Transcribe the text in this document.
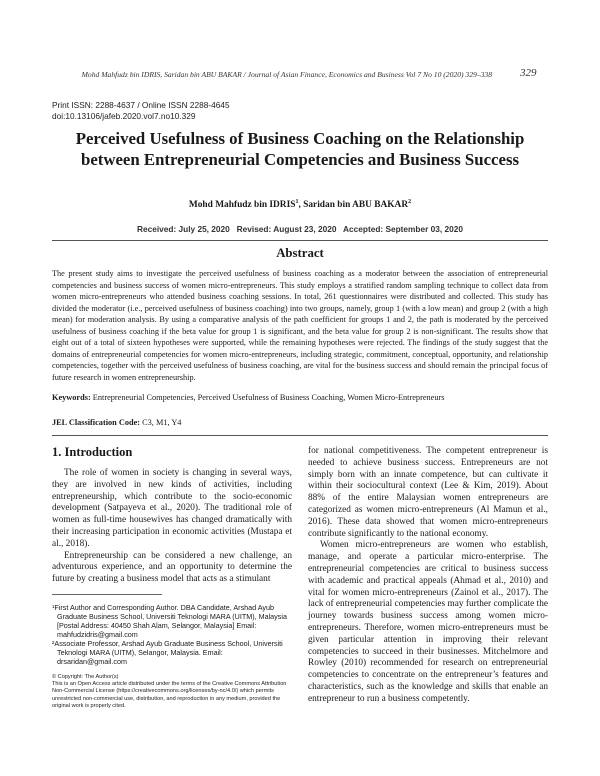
Mohd Mahfudz bin IDRIS, Saridan bin ABU BAKAR / Journal of Asian Finance, Economics and Business Vol 7 No 10 (2020) 329–338	329
Print ISSN: 2288-4637 / Online ISSN 2288-4645
doi:10.13106/jafeb.2020.vol7.no10.329
Perceived Usefulness of Business Coaching on the Relationship
between Entrepreneurial Competencies and Business Success
Mohd Mahfudz bin IDRIS$^1$, Saridan bin ABU BAKAR$^2$
Received: July 25, 2020   Revised: August 23, 2020   Accepted: September 03, 2020
Abstract
The present study aims to investigate the perceived usefulness of business coaching as a moderator between the association of entrepreneurial competencies and business success of women micro-entrepreneurs. This study employs a stratified random sampling technique to collect data from women micro-entrepreneurs who attended business coaching sessions. In total, 261 questionnaires were distributed and collected. This study has divided the moderator (i.e., perceived usefulness of business coaching) into two groups, namely, group 1 (with a low mean) and group 2 (with a high mean) for moderation analysis. By using a comparative analysis of the path coefficient for groups 1 and 2, the path is moderated by the perceived usefulness of business coaching if the beta value for group 1 is significant, and the beta value for group 2 is non-significant. The results show that eight out of a total of sixteen hypotheses were supported, while the remaining hypotheses were rejected. The findings of the study suggest that the domains of entrepreneurial competencies for women micro-entrepreneurs, including strategic, commitment, conceptual, opportunity, and relationship competencies, together with the perceived usefulness of business coaching, are vital for the business success and should remain the principal focus of future research in women entrepreneurship.
Keywords: Entrepreneurial Competencies, Perceived Usefulness of Business Coaching, Women Micro-Entrepreneurs
JEL Classification Code: C3, M1, Y4
1. Introduction

The role of women in society is changing in several ways, they are involved in new kinds of activities, including entrepreneurship, which contribute to the socio-economic development (Satpayeva et al., 2020). The traditional role of women as full-time housewives has changed dramatically with their increasing participation in economic activities (Mustapa et al., 2018).

Entrepreneurship can be considered a new challenge, an adventurous experience, and an opportunity to determine the future by creating a business model that acts as a stimulant

for national competitiveness. The competent entrepreneur is needed to achieve business success. Entrepreneurs are not simply born with an innate competence, but can cultivate it within their sociocultural context (Lee & Kim, 2019). About 88% of the entire Malaysian women entrepreneurs are categorized as women micro-entrepreneurs (Al Mamun et al., 2016). These data showed that women micro-entrepreneurs contribute significantly to the national economy.

Women micro-entrepreneurs are women who establish, manage, and operate a particular micro-enterprise. The entrepreneurial competencies are critical to business success with academic and practical appeals (Ahmad et al., 2010) and vital for women micro-entrepreneurs (Zainol et al., 2017). The lack of entrepreneurial competencies may further complicate the journey towards business success among women micro-entrepreneurs. Therefore, women micro-entrepreneurs must be given particular attention in improving their relevant competencies to succeed in their businesses. Mitchelmore and Rowley (2010) recommended for research on entrepreneurial competencies to concentrate on the entrepreneur’s features and characteristics, such as the knowledge and skills that enable an entrepreneur to run a business competently.

¹First Author and Corresponding Author. DBA Candidate, Arshad Ayub Graduate Business School, Universiti Teknologi MARA (UITM), Malaysia [Postal Address: 40450 Shah Alam, Selangor, Malaysia] Email: mahfudzidris@gmail.com

²Associate Professor, Arshad Ayub Graduate Business School, Universiti Teknologi MARA (UITM), Selangor, Malaysia. Email: drsaridan@gmail.com

© Copyright: The Author(s)
This is an Open Access article distributed under the terms of the Creative Commons Attribution Non-Commercial License (https://creativecommons.org/licenses/by-nc/4.0/) which permits unrestricted non-commercial use, distribution, and reproduction in any medium, provided the original work is properly cited.
